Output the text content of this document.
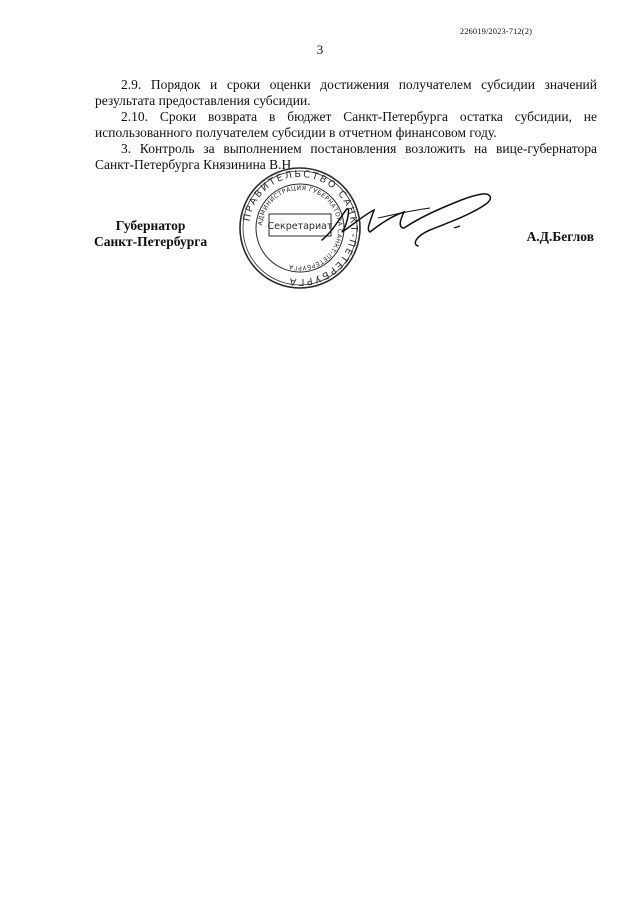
226019/2023-712(2)
3

2.9. Порядок и сроки оценки достижения получателем субсидии значений результата предоставления субсидии.

2.10. Сроки возврата в бюджет Санкт-Петербурга остатка субсидии, не использованного получателем субсидии в отчетном финансовом году.

3. Контроль за выполнением постановления возложить на вице-губернатора Санкт-Петербурга Князинина В.Н.

Губернатор
Санкт-Петербурга
ПРАВИТЕЛЬСТВО САНКТ-ПЕТЕРБУРГА
АДМИНИСТРАЦИЯ ГУБЕРНАТОРА САНКТ-ПЕТЕРБУРГА
Секретариат
А.Д.Беглов
